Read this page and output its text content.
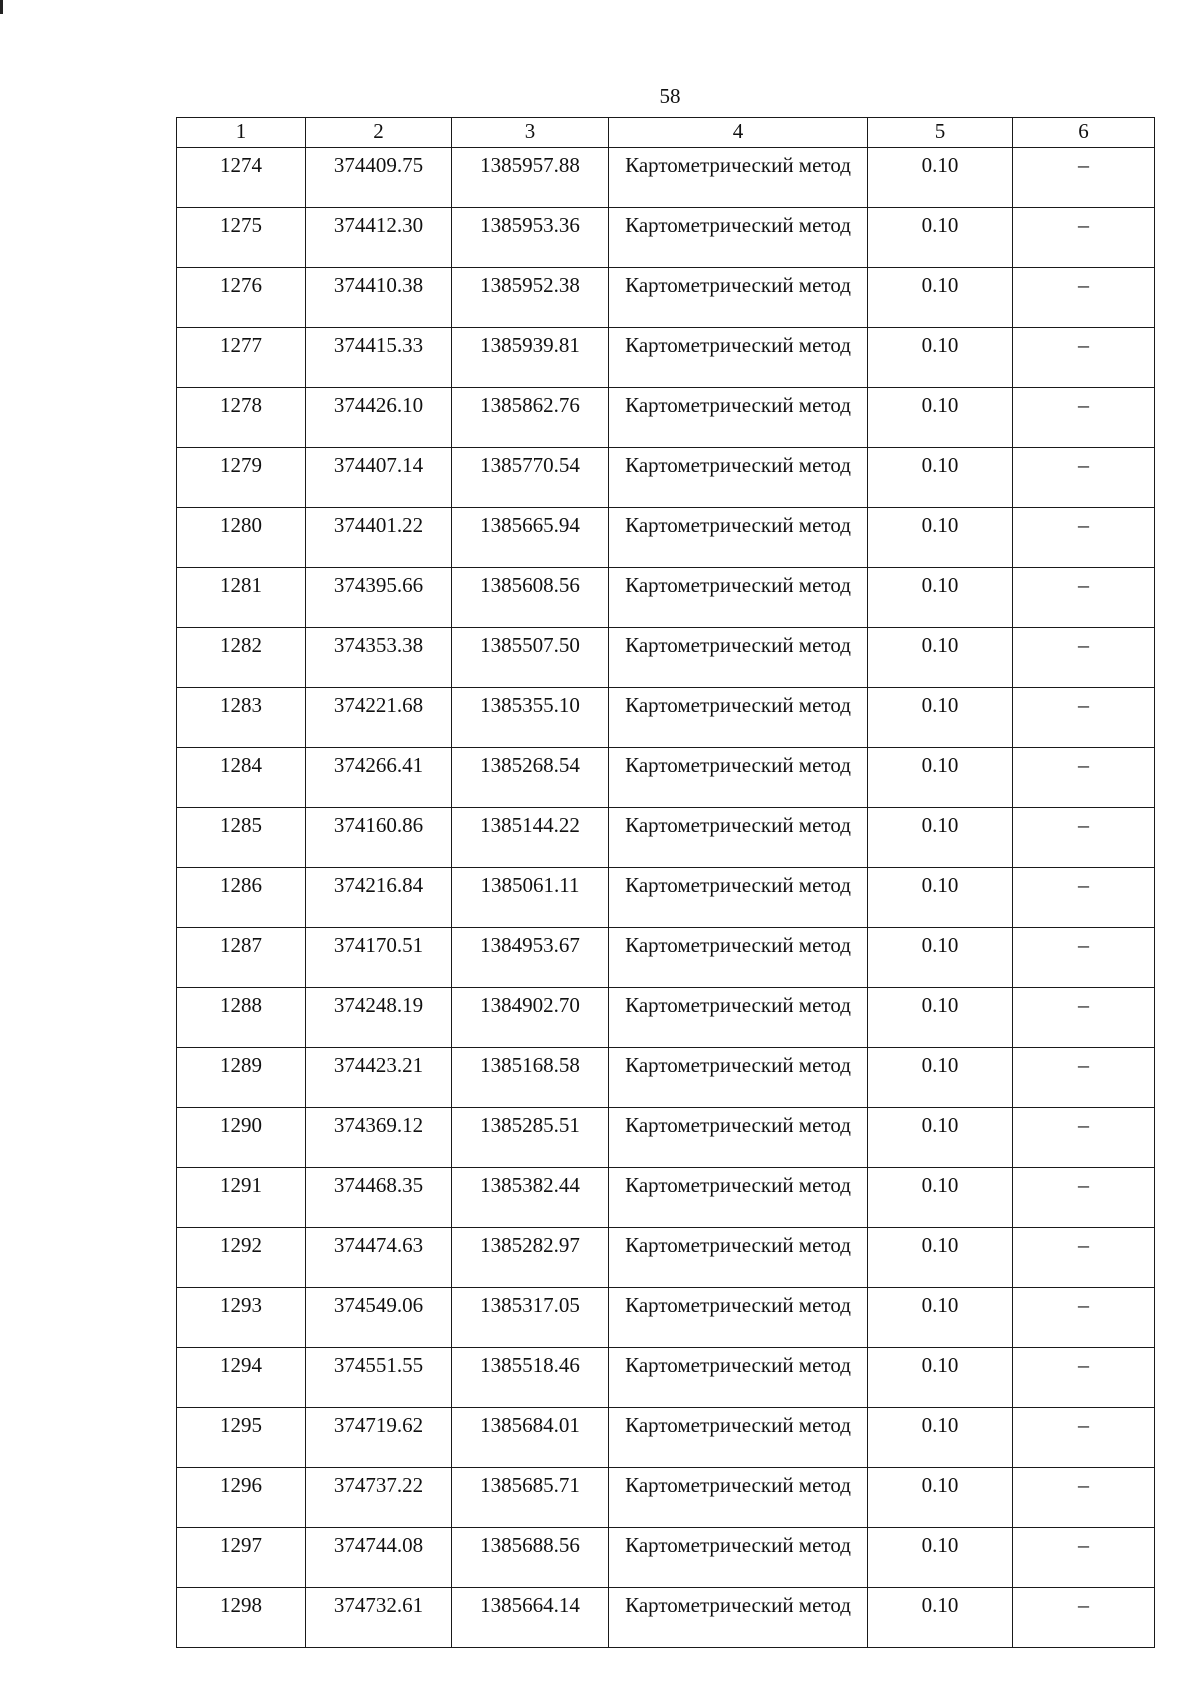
58
1	2	3	4	5	6
1274	374409.75	1385957.88	Картометрический метод	0.10	–
1275	374412.30	1385953.36	Картометрический метод	0.10	–
1276	374410.38	1385952.38	Картометрический метод	0.10	–
1277	374415.33	1385939.81	Картометрический метод	0.10	–
1278	374426.10	1385862.76	Картометрический метод	0.10	–
1279	374407.14	1385770.54	Картометрический метод	0.10	–
1280	374401.22	1385665.94	Картометрический метод	0.10	–
1281	374395.66	1385608.56	Картометрический метод	0.10	–
1282	374353.38	1385507.50	Картометрический метод	0.10	–
1283	374221.68	1385355.10	Картометрический метод	0.10	–
1284	374266.41	1385268.54	Картометрический метод	0.10	–
1285	374160.86	1385144.22	Картометрический метод	0.10	–
1286	374216.84	1385061.11	Картометрический метод	0.10	–
1287	374170.51	1384953.67	Картометрический метод	0.10	–
1288	374248.19	1384902.70	Картометрический метод	0.10	–
1289	374423.21	1385168.58	Картометрический метод	0.10	–
1290	374369.12	1385285.51	Картометрический метод	0.10	–
1291	374468.35	1385382.44	Картометрический метод	0.10	–
1292	374474.63	1385282.97	Картометрический метод	0.10	–
1293	374549.06	1385317.05	Картометрический метод	0.10	–
1294	374551.55	1385518.46	Картометрический метод	0.10	–
1295	374719.62	1385684.01	Картометрический метод	0.10	–
1296	374737.22	1385685.71	Картометрический метод	0.10	–
1297	374744.08	1385688.56	Картометрический метод	0.10	–
1298	374732.61	1385664.14	Картометрический метод	0.10	–
